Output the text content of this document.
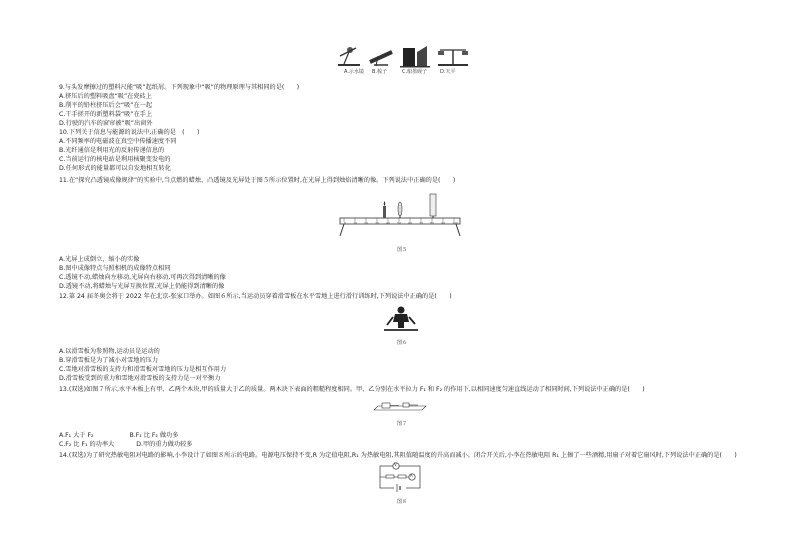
A.示水镜 B.梳子	C.船墨砚子	D.天平
9.与头发摩擦过的塑料尺能“吸”起纸屑。下列现象中“吸”的物理原理与其相同的是(　　)
A.挤压后的塑料吸盘“吸”在瓷砖上
B.削平的铅柱挤压后会“吸”在一起
C.干手搓开的新塑料袋“吸”在手上
D.行驶的汽车的窗帘被“吸”出窗外
10.下列关于信息与能源的说法中,正确的是　(　　)
A.不同频率的电磁波在真空中传播速度不同
B.光纤通信是利用光的反射传递信息的
C.当前运行的核电站是利用核聚变发电的
D.任何形式的能量都可以自发地相互转化
11.在“探究凸透镜成像规律”的实验中,当点燃的蜡烛、凸透镜及光屏处于图５所示位置时,在光屏上得到烛焰清晰的像。下列说法中正确的是(　　)
0 10 20 30 40 50 60 70 80 90 100
图５
A.光屏上成倒立、缩小的实像
B.图中成像特点与照相机的成像特点相同
C.透镜不动,蜡烛向左移动,光屏向右移动,可再次得到清晰的像
D.透镜不动,将蜡烛与光屏互换位置,光屏上仍能得到清晰的像
12.第 24 届冬奥会将于 2022 年在北京-张家口举办。如图６所示,当运动员穿着滑雪板在水平雪地上进行滑行训练时,下列说法中正确的是(　　)
图６
A.以滑雪板为参照物,运动员是运动的
B.穿滑雪板是为了减小对雪地的压力
C.雪地对滑雪板的支持力和滑雪板对雪地的压力是相互作用力
D.滑雪板受到的重力和雪地对滑雪板的支持力是一对平衡力
13.(双选)如图７所示,水平木板上有甲、乙两个木块,甲的质量大于乙的质量。两木块下表面的粗糙程度相同。甲、乙分别在水平拉力 F₁ 和 F₂ 的作用下,以相同速度匀速直线运动了相同时间,下列说法中正确的是(　　)
图７
A.F₁ 大于 F₂	B.F₁ 比 F₂ 做功多
C.F₂ 比 F₁ 的功率大	D.甲的重力做功较多
14.(双选)为了研究热敏电阻对电路的影响,小李设计了如图８所示的电路。电源电压保持不变,R 为定值电阻,R₁ 为热敏电阻,其阻值随温度的升高而减小。闭合开关后,小李在热敏电阻 R₁ 上擦了一些酒精,用扇子对着它扇风时,下列说法中正确的是(　　)
V
A
图８
